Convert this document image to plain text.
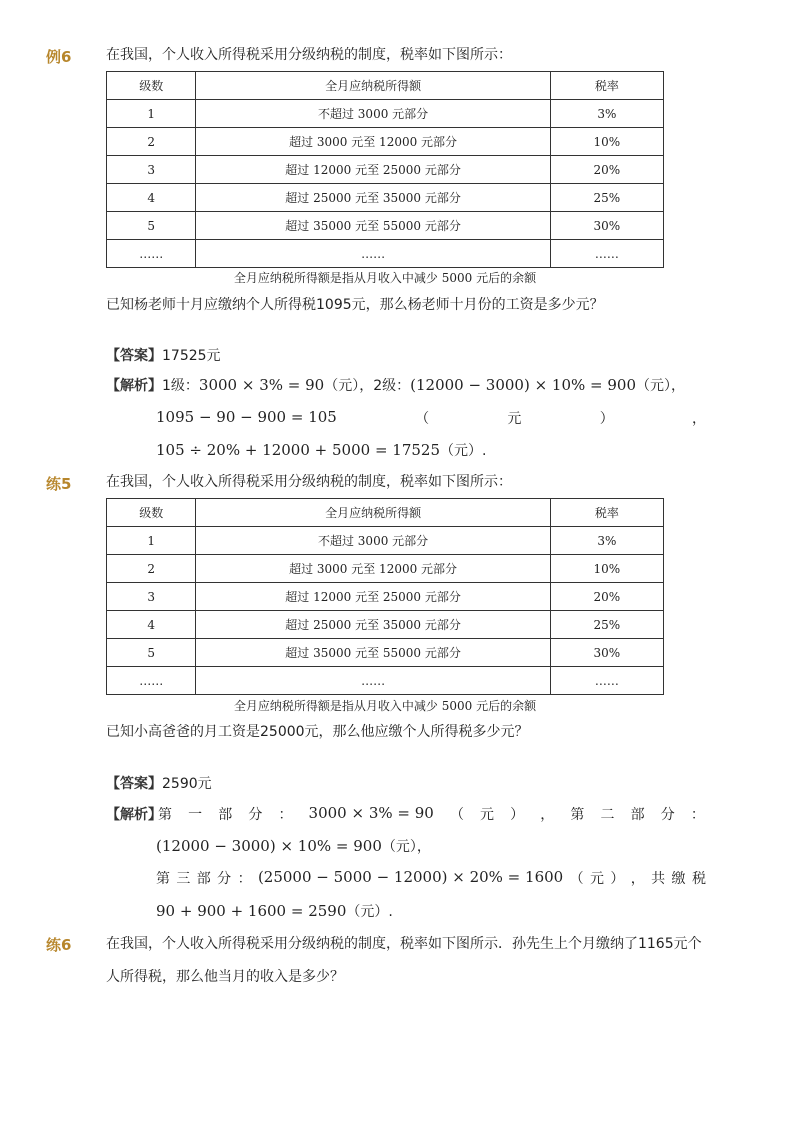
例6 在我国，个人收入所得税采用分级纳税的制度，税率如下图所示：
级数	全月应纳税所得额	税率
1	不超过 3000 元部分	3%
2	超过 3000 元至 12000 元部分	10%
3	超过 12000 元至 25000 元部分	20%
4	超过 25000 元至 35000 元部分	25%
5	超过 35000 元至 55000 元部分	30%
……	……	……
全月应纳税所得额是指从月收入中减少 5000 元后的余额
已知杨老师十月应缴纳个人所得税1095元，那么杨老师十月份的工资是多少元？
【答案】17525元
【解析】1级：3000 × 3% = 90（元），2级：(12000 − 3000) × 10% = 900（元），
1095 − 90 − 900 = 105	（	元	）	，
105 ÷ 20% + 12000 + 5000 = 17525（元）.
练5 在我国，个人收入所得税采用分级纳税的制度，税率如下图所示：
级数	全月应纳税所得额	税率
1	不超过 3000 元部分	3%
2	超过 3000 元至 12000 元部分	10%
3	超过 12000 元至 25000 元部分	20%
4	超过 25000 元至 35000 元部分	25%
5	超过 35000 元至 55000 元部分	30%
……	……	……
全月应纳税所得额是指从月收入中减少 5000 元后的余额
已知小高爸爸的月工资是25000元，那么他应缴个人所得税多少元？
【答案】2590元
【解析】
第 一 部 分 ： 3000 × 3% = 90 （ 元 ） ， 第 二 部 分 ：
(12000 − 3000) × 10% = 900（元），
第 三 部 分 ： (25000 − 5000 − 12000) × 20% = 1600 （ 元 ） ， 共 缴 税
90 + 900 + 1600 = 2590（元）.
练6 在我国，个人收入所得税采用分级纳税的制度，税率如下图所示．孙先生上个月缴纳了1165元个
人所得税，那么他当月的收入是多少？
